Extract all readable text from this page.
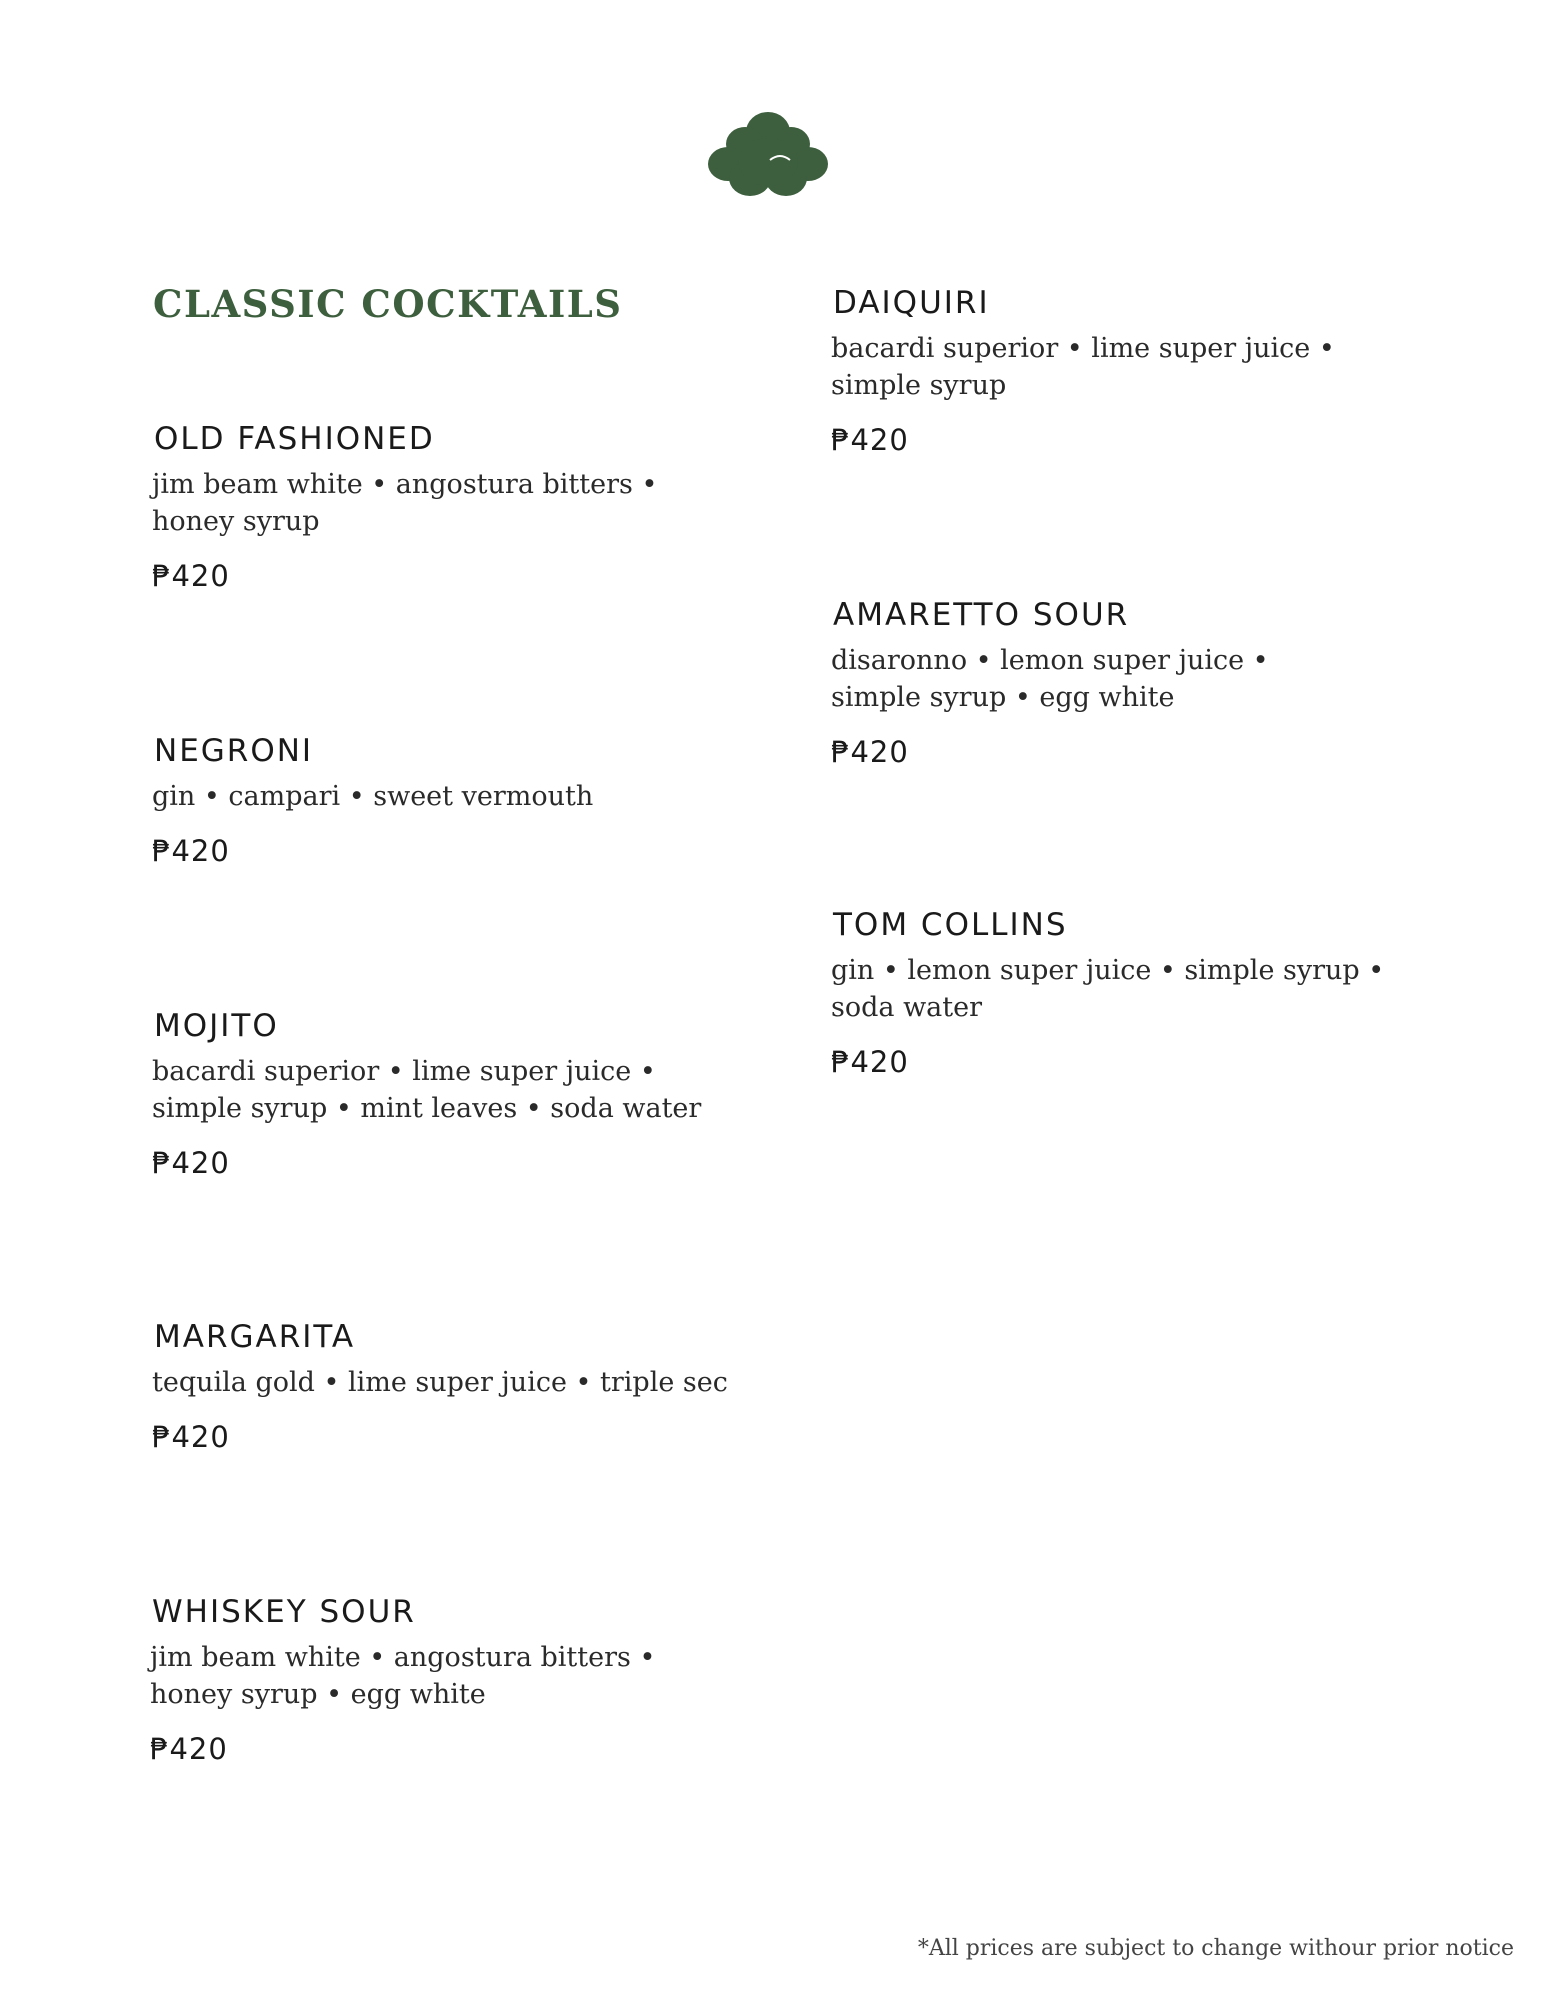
CLASSIC COCKTAILS
OLD FASHIONED
jim beam white • angostura bitters •
honey syrup
₱420
NEGRONI
gin • campari • sweet vermouth
₱420
MOJITO
bacardi superior • lime super juice •
simple syrup • mint leaves • soda water
₱420
MARGARITA
tequila gold • lime super juice • triple sec
₱420
WHISKEY SOUR
jim beam white • angostura bitters •
honey syrup • egg white
₱420
DAIQUIRI
bacardi superior • lime super juice •
simple syrup
₱420
AMARETTO SOUR
disaronno • lemon super juice •
simple syrup • egg white
₱420
TOM COLLINS
gin • lemon super juice • simple syrup •
soda water
₱420
*All prices are subject to change withour prior notice
